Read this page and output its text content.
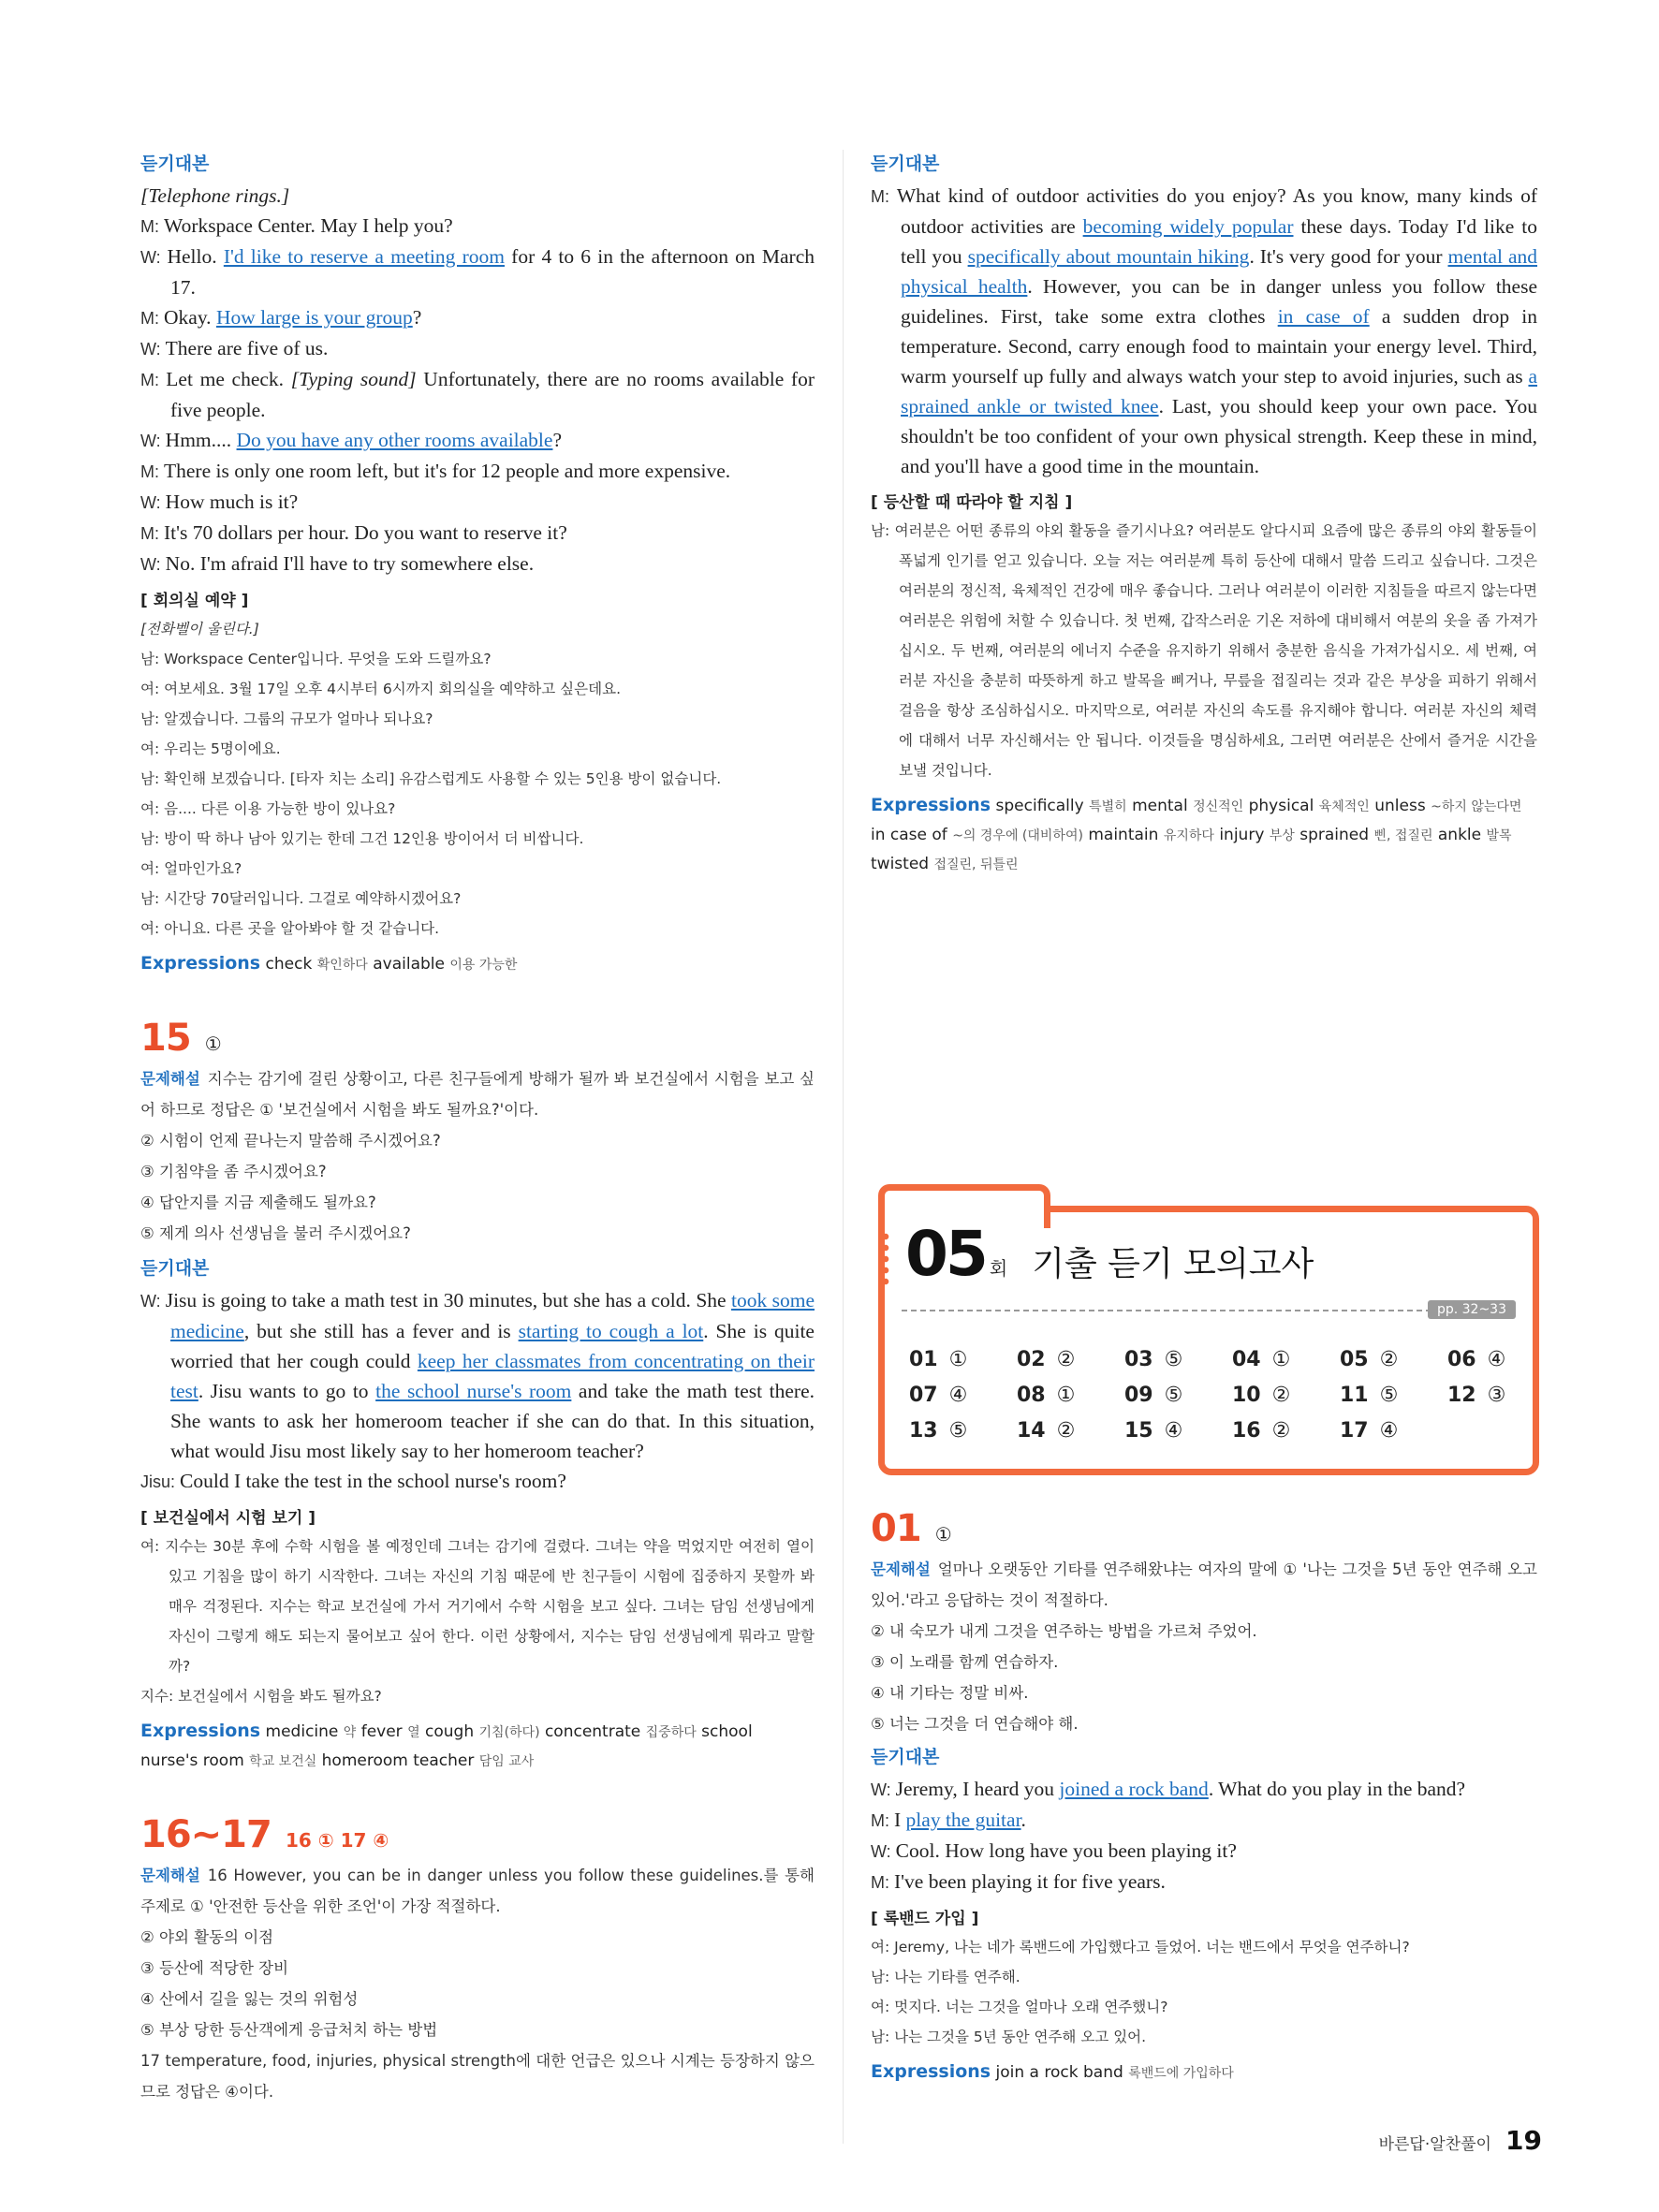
듣기대본

[Telephone rings.]

M: Workspace Center. May I help you?

W: Hello. I'd like to reserve a meeting room for 4 to 6 in the afternoon on March 17.

M: Okay. How large is your group?

W: There are five of us.

M: Let me check. [Typing sound] Unfortunately, there are no rooms available for five people.

W: Hmm.... Do you have any other rooms available?

M: There is only one room left, but it's for 12 people and more expensive.

W: How much is it?

M: It's 70 dollars per hour. Do you want to reserve it?

W: No. I'm afraid I'll have to try somewhere else.

[ 회의실 예약 ]

[전화벨이 울린다.]

남: Workspace Center입니다. 무엇을 도와 드릴까요?

여: 여보세요. 3월 17일 오후 4시부터 6시까지 회의실을 예약하고 싶은데요.

남: 알겠습니다. 그룹의 규모가 얼마나 되나요?

여: 우리는 5명이에요.

남: 확인해 보겠습니다. [타자 치는 소리] 유감스럽게도 사용할 수 있는 5인용 방이 없습니다.

여: 음.... 다른 이용 가능한 방이 있나요?

남: 방이 딱 하나 남아 있기는 한데 그건 12인용 방이어서 더 비쌉니다.

여: 얼마인가요?

남: 시간당 70달러입니다. 그걸로 예약하시겠어요?

여: 아니요. 다른 곳을 알아봐야 할 것 같습니다.

Expressions check 확인하다 available 이용 가능한
15 ①

문제해설 지수는 감기에 걸린 상황이고, 다른 친구들에게 방해가 될까 봐 보건실에서 시험을 보고 싶어 하므로 정답은 ① '보건실에서 시험을 봐도 될까요?'이다.

② 시험이 언제 끝나는지 말씀해 주시겠어요?

③ 기침약을 좀 주시겠어요?

④ 답안지를 지금 제출해도 될까요?

⑤ 제게 의사 선생님을 불러 주시겠어요?

듣기대본

W: Jisu is going to take a math test in 30 minutes, but she has a cold. She took some medicine, but she still has a fever and is starting to cough a lot. She is quite worried that her cough could keep her classmates from concentrating on their test. Jisu wants to go to the school nurse's room and take the math test there. She wants to ask her homeroom teacher if she can do that. In this situation, what would Jisu most likely say to her homeroom teacher?

Jisu: Could I take the test in the school nurse's room?

[ 보건실에서 시험 보기 ]

여: 지수는 30분 후에 수학 시험을 볼 예정인데 그녀는 감기에 걸렸다. 그녀는 약을 먹었지만 여전히 열이 있고 기침을 많이 하기 시작한다. 그녀는 자신의 기침 때문에 반 친구들이 시험에 집중하지 못할까 봐 매우 걱정된다. 지수는 학교 보건실에 가서 거기에서 수학 시험을 보고 싶다. 그녀는 담임 선생님에게 자신이 그렇게 해도 되는지 물어보고 싶어 한다. 이런 상황에서, 지수는 담임 선생님에게 뭐라고 말할까?

지수: 보건실에서 시험을 봐도 될까요?

Expressions medicine 약 fever 열 cough 기침(하다) concentrate 집중하다 school nurse's room 학교 보건실 homeroom teacher 담임 교사
16~17 16 ① 17 ④

문제해설 16 However, you can be in danger unless you follow these guidelines.를 통해 주제로 ① '안전한 등산을 위한 조언'이 가장 적절하다.

② 야외 활동의 이점

③ 등산에 적당한 장비

④ 산에서 길을 잃는 것의 위험성

⑤ 부상 당한 등산객에게 응급처치 하는 방법

17 temperature, food, injuries, physical strength에 대한 언급은 있으나 시계는 등장하지 않으므로 정답은 ④이다.

듣기대본

M: What kind of outdoor activities do you enjoy? As you know, many kinds of outdoor activities are becoming widely popular these days. Today I'd like to tell you specifically about mountain hiking. It's very good for your mental and physical health. However, you can be in danger unless you follow these guidelines. First, take some extra clothes in case of a sudden drop in temperature. Second, carry enough food to maintain your energy level. Third, warm yourself up fully and always watch your step to avoid injuries, such as a sprained ankle or twisted knee. Last, you should keep your own pace. You shouldn't be too confident of your own physical strength. Keep these in mind, and you'll have a good time in the mountain.

[ 등산할 때 따라야 할 지침 ]

남: 여러분은 어떤 종류의 야외 활동을 즐기시나요? 여러분도 알다시피 요즘에 많은 종류의 야외 활동들이 폭넓게 인기를 얻고 있습니다. 오늘 저는 여러분께 특히 등산에 대해서 말씀 드리고 싶습니다. 그것은 여러분의 정신적, 육체적인 건강에 매우 좋습니다. 그러나 여러분이 이러한 지침들을 따르지 않는다면 여러분은 위험에 처할 수 있습니다. 첫 번째, 갑작스러운 기온 저하에 대비해서 여분의 옷을 좀 가져가십시오. 두 번째, 여러분의 에너지 수준을 유지하기 위해서 충분한 음식을 가져가십시오. 세 번째, 여러분 자신을 충분히 따뜻하게 하고 발목을 삐거나, 무릎을 접질리는 것과 같은 부상을 피하기 위해서 걸음을 항상 조심하십시오. 마지막으로, 여러분 자신의 속도를 유지해야 합니다. 여러분 자신의 체력에 대해서 너무 자신해서는 안 됩니다. 이것들을 명심하세요, 그러면 여러분은 산에서 즐거운 시간을 보낼 것입니다.

Expressions specifically 특별히 mental 정신적인 physical 육체적인 unless ~하지 않는다면 in case of ~의 경우에 (대비하여) maintain 유지하다 injury 부상 sprained 삔, 접질린 ankle 발목 twisted 접질린, 뒤틀린
05 회 기출 듣기 모의고사
pp. 32~33
01 ①	02 ②	03 ⑤	04 ①	05 ②	06 ④
07 ④	08 ①	09 ⑤	10 ②	11 ⑤	12 ③
13 ⑤	14 ②	15 ④	16 ②	17 ④
01 ①

문제해설 얼마나 오랫동안 기타를 연주해왔냐는 여자의 말에 ① '나는 그것을 5년 동안 연주해 오고 있어.'라고 응답하는 것이 적절하다.

② 내 숙모가 내게 그것을 연주하는 방법을 가르쳐 주었어.

③ 이 노래를 함께 연습하자.

④ 내 기타는 정말 비싸.

⑤ 너는 그것을 더 연습해야 해.

듣기대본

W: Jeremy, I heard you joined a rock band. What do you play in the band?

M: I play the guitar.

W: Cool. How long have you been playing it?

M: I've been playing it for five years.

[ 록밴드 가입 ]

여: Jeremy, 나는 네가 록밴드에 가입했다고 들었어. 너는 밴드에서 무엇을 연주하니?

남: 나는 기타를 연주해.

여: 멋지다. 너는 그것을 얼마나 오래 연주했니?

남: 나는 그것을 5년 동안 연주해 오고 있어.

Expressions join a rock band 록밴드에 가입하다
바른답·알찬풀이 19
